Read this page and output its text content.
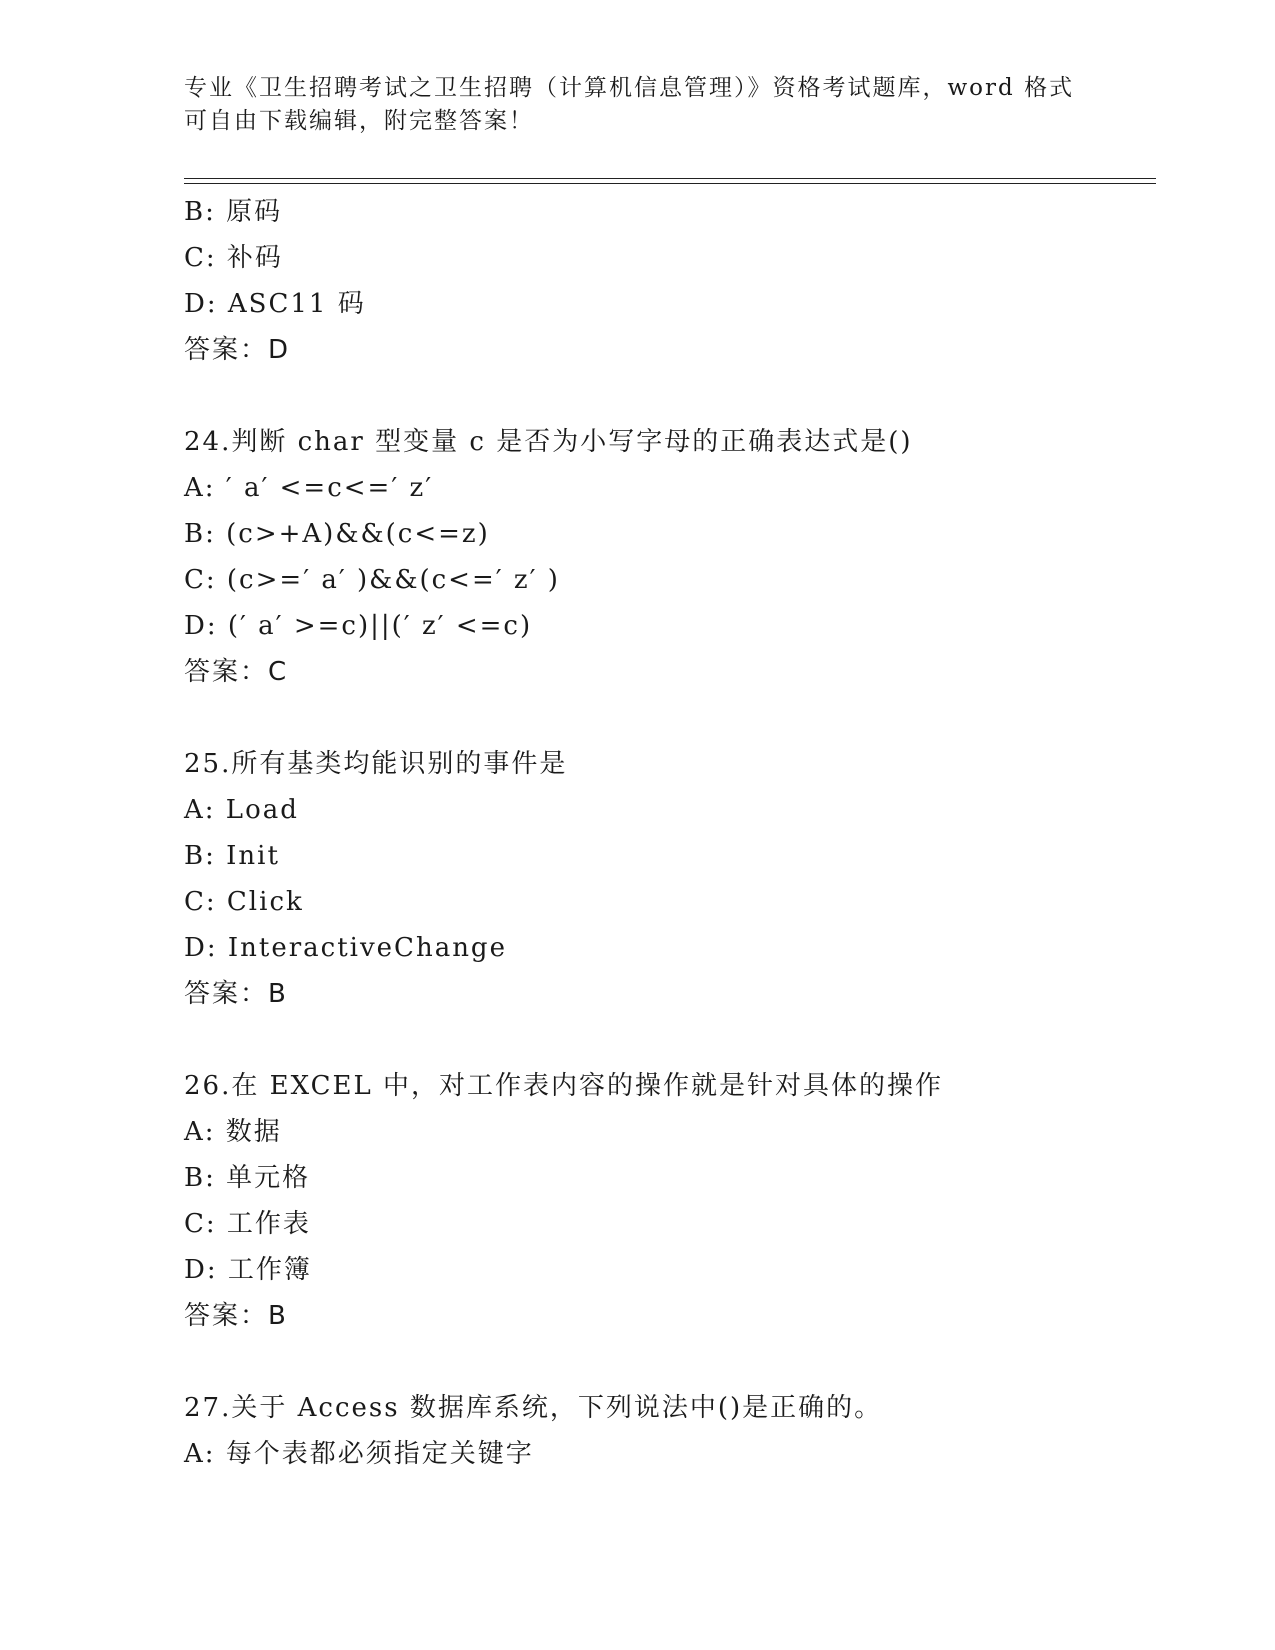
专业《卫生招聘考试之卫生招聘（计算机信息管理）》资格考试题库，word 格式
可自由下载编辑，附完整答案！
B: 原码
C: 补码
D: ASC11 码
答案：D
24.判断 char 型变量 c 是否为小写字母的正确表达式是()
A: ′ a′ <=c<=′ z′
B: (c>+A)&&(c<=z)
C: (c>=′ a′ )&&(c<=′ z′ )
D: (′ a′ >=c)||(′ z′ <=c)
答案：C
25.所有基类均能识别的事件是
A: Load
B: Init
C: Click
D: InteractiveChange
答案：B
26.在 EXCEL 中，对工作表内容的操作就是针对具体的操作
A: 数据
B: 单元格
C: 工作表
D: 工作簿
答案：B
27.关于 Access 数据库系统，下列说法中()是正确的。
A: 每个表都必须指定关键字
